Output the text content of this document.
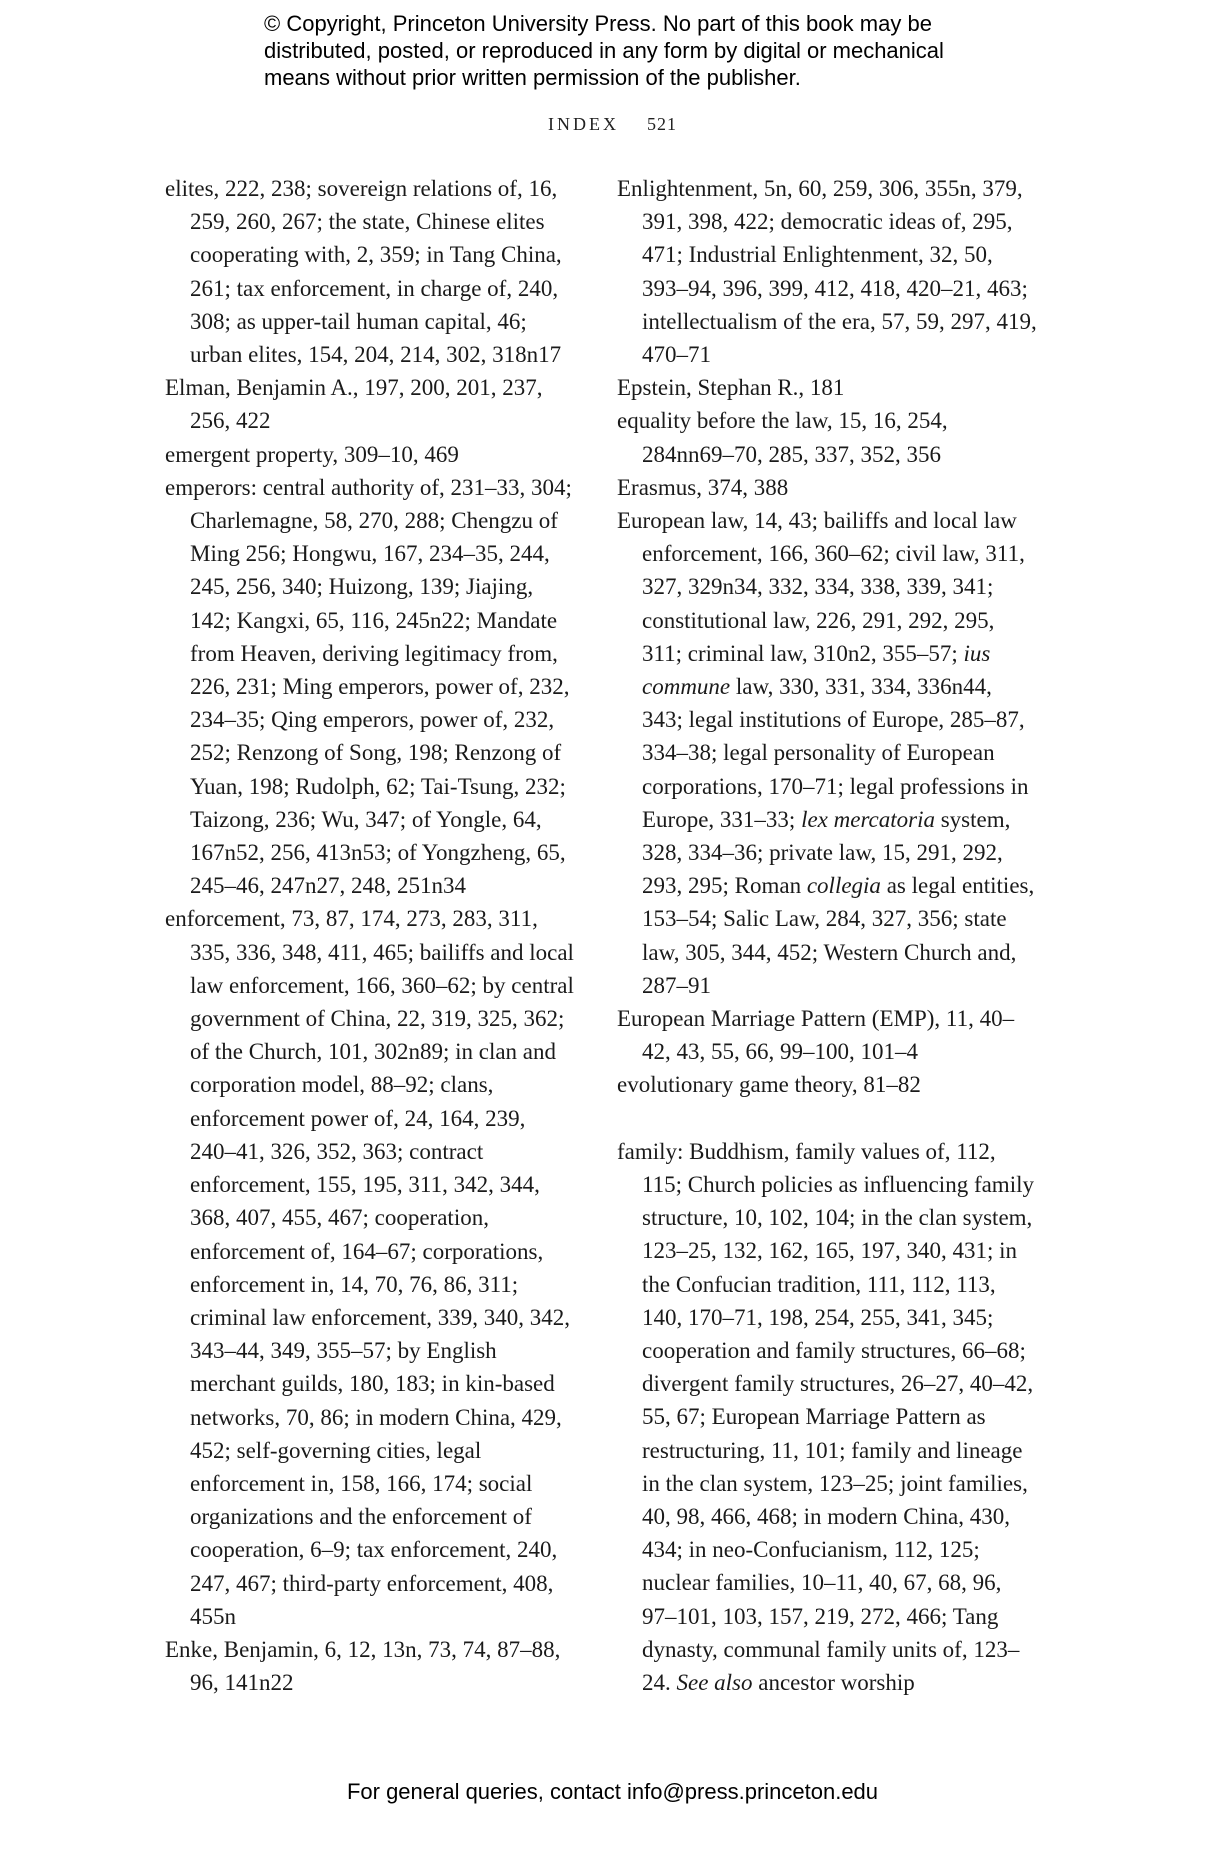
© Copyright, Princeton University Press. No part of this book may be
distributed, posted, or reproduced in any form by digital or mechanical
means without prior written permission of the publisher.
INDEX 521

elites, 222, 238; sovereign relations of, 16, 259, 260, 267; the state, Chinese elites cooperating with, 2, 359; in Tang China, 261; tax enforcement, in charge of, 240, 308; as upper-tail human capital, 46; urban elites, 154, 204, 214, 302, 318n17

Elman, Benjamin A., 197, 200, 201, 237, 256, 422

emergent property, 309–10, 469

emperors: central authority of, 231–33, 304; Charlemagne, 58, 270, 288; Chengzu of Ming 256; Hongwu, 167, 234–35, 244, 245, 256, 340; Huizong, 139; Jiajing, 142; Kangxi, 65, 116, 245n22; Mandate from Heaven, deriving legitimacy from, 226, 231; Ming emperors, power of, 232, 234–35; Qing emperors, power of, 232, 252; Renzong of Song, 198; Renzong of Yuan, 198; Rudolph, 62; Tai-Tsung, 232; Taizong, 236; Wu, 347; of Yongle, 64, 167n52, 256, 413n53; of Yongzheng, 65, 245–46, 247n27, 248, 251n34

enforcement, 73, 87, 174, 273, 283, 311, 335, 336, 348, 411, 465; bailiffs and local law enforcement, 166, 360–62; by central government of China, 22, 319, 325, 362; of the Church, 101, 302n89; in clan and corporation model, 88–92; clans, enforcement power of, 24, 164, 239, 240–41, 326, 352, 363; contract enforcement, 155, 195, 311, 342, 344, 368, 407, 455, 467; cooperation, enforcement of, 164–67; corporations, enforcement in, 14, 70, 76, 86, 311; criminal law enforcement, 339, 340, 342, 343–44, 349, 355–57; by English merchant guilds, 180, 183; in kin-based networks, 70, 86; in modern China, 429, 452; self-governing cities, legal enforcement in, 158, 166, 174; social organizations and the enforcement of cooperation, 6–9; tax enforcement, 240, 247, 467; third-party enforcement, 408, 455n

Enke, Benjamin, 6, 12, 13n, 73, 74, 87–88, 96, 141n22

Enlightenment, 5n, 60, 259, 306, 355n, 379, 391, 398, 422; democratic ideas of, 295, 471; Industrial Enlightenment, 32, 50, 393–94, 396, 399, 412, 418, 420–21, 463; intellectualism of the era, 57, 59, 297, 419, 470–71

Epstein, Stephan R., 181

equality before the law, 15, 16, 254, 284nn69–70, 285, 337, 352, 356

Erasmus, 374, 388

European law, 14, 43; bailiffs and local law enforcement, 166, 360–62; civil law, 311, 327, 329n34, 332, 334, 338, 339, 341; constitutional law, 226, 291, 292, 295, 311; criminal law, 310n2, 355–57; ius commune law, 330, 331, 334, 336n44, 343; legal institutions of Europe, 285–87, 334–38; legal personality of European corporations, 170–71; legal professions in Europe, 331–33; lex mercatoria system, 328, 334–36; private law, 15, 291, 292, 293, 295; Roman collegia as legal entities, 153–54; Salic Law, 284, 327, 356; state law, 305, 344, 452; Western Church and, 287–91

European Marriage Pattern (EMP), 11, 40–42, 43, 55, 66, 99–100, 101–4

evolutionary game theory, 81–82

family: Buddhism, family values of, 112, 115; Church policies as influencing family structure, 10, 102, 104; in the clan system, 123–25, 132, 162, 165, 197, 340, 431; in the Confucian tradition, 111, 112, 113, 140, 170–71, 198, 254, 255, 341, 345; cooperation and family structures, 66–68; divergent family structures, 26–27, 40–42, 55, 67; European Marriage Pattern as restructuring, 11, 101; family and lineage in the clan system, 123–25; joint families, 40, 98, 466, 468; in modern China, 430, 434; in neo-Confucianism, 112, 125; nuclear families, 10–11, 40, 67, 68, 96, 97–101, 103, 157, 219, 272, 466; Tang dynasty, communal family units of, 123–24. See also ancestor worship

For general queries, contact info@press.princeton.edu
